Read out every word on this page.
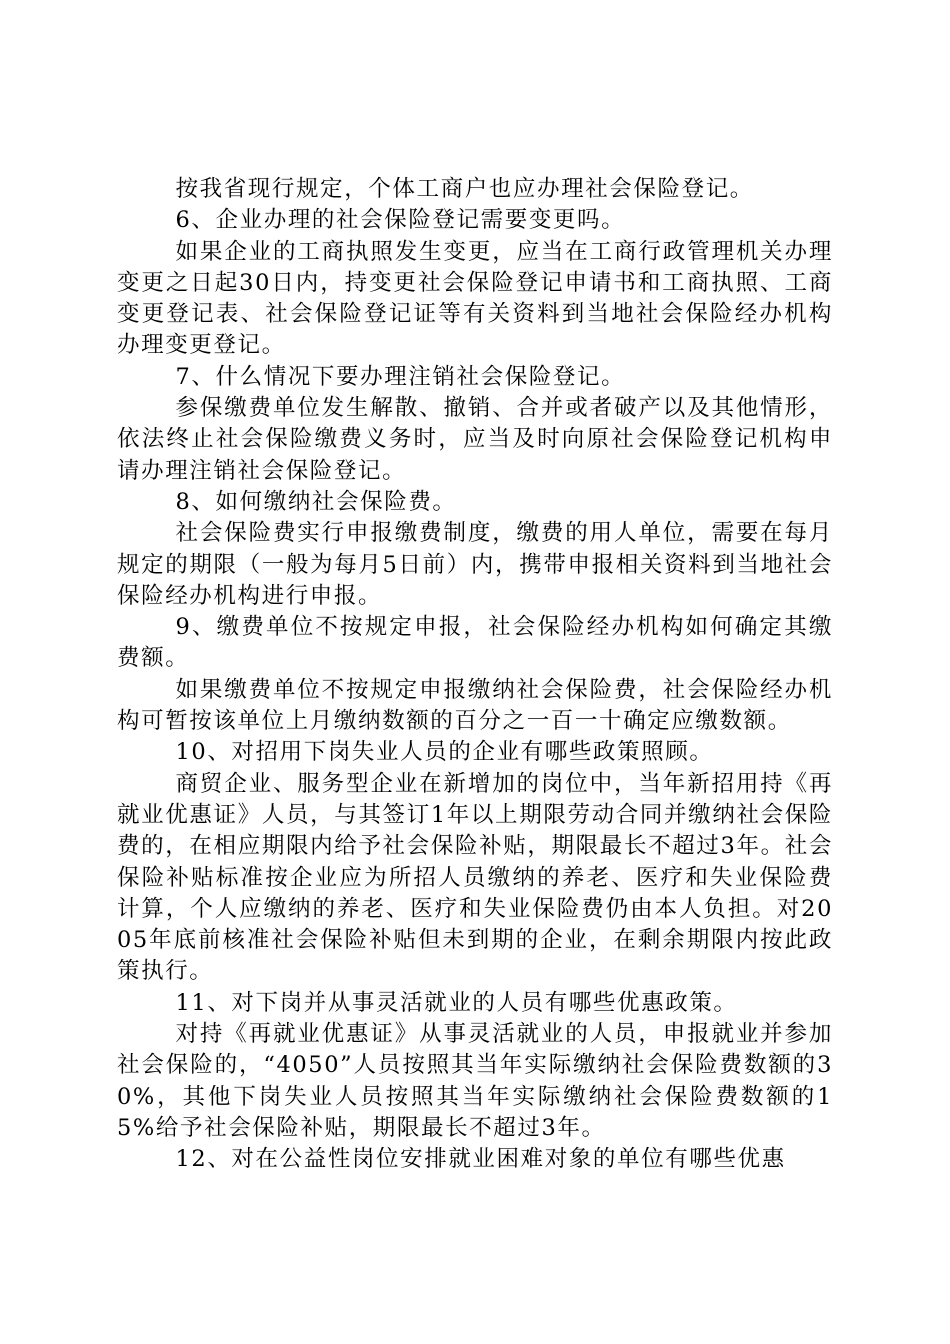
按我省现行规定，个体工商户也应办理社会保险登记。

6、企业办理的社会保险登记需要变更吗。

如果企业的工商执照发生变更，应当在工商行政管理机关办理变更之日起30日内，持变更社会保险登记申请书和工商执照、工商变更登记表、社会保险登记证等有关资料到当地社会保险经办机构办理变更登记。

7、什么情况下要办理注销社会保险登记。

参保缴费单位发生解散、撤销、合并或者破产以及其他情形，依法终止社会保险缴费义务时，应当及时向原社会保险登记机构申请办理注销社会保险登记。

8、如何缴纳社会保险费。

社会保险费实行申报缴费制度，缴费的用人单位，需要在每月规定的期限（一般为每月5日前）内，携带申报相关资料到当地社会保险经办机构进行申报。

9、缴费单位不按规定申报，社会保险经办机构如何确定其缴费额。

如果缴费单位不按规定申报缴纳社会保险费，社会保险经办机构可暂按该单位上月缴纳数额的百分之一百一十确定应缴数额。

10、对招用下岗失业人员的企业有哪些政策照顾。

商贸企业、服务型企业在新增加的岗位中，当年新招用持《再就业优惠证》人员，与其签订1年以上期限劳动合同并缴纳社会保险费的，在相应期限内给予社会保险补贴，期限最长不超过3年。社会保险补贴标准按企业应为所招人员缴纳的养老、医疗和失业保险费计算，个人应缴纳的养老、医疗和失业保险费仍由本人负担。对2005年底前核准社会保险补贴但未到期的企业，在剩余期限内按此政策执行。

11、对下岗并从事灵活就业的人员有哪些优惠政策。

对持《再就业优惠证》从事灵活就业的人员，申报就业并参加社会保险的，“4050”人员按照其当年实际缴纳社会保险费数额的30%，其他下岗失业人员按照其当年实际缴纳社会保险费数额的15%给予社会保险补贴，期限最长不超过3年。

12、对在公益性岗位安排就业困难对象的单位有哪些优惠
